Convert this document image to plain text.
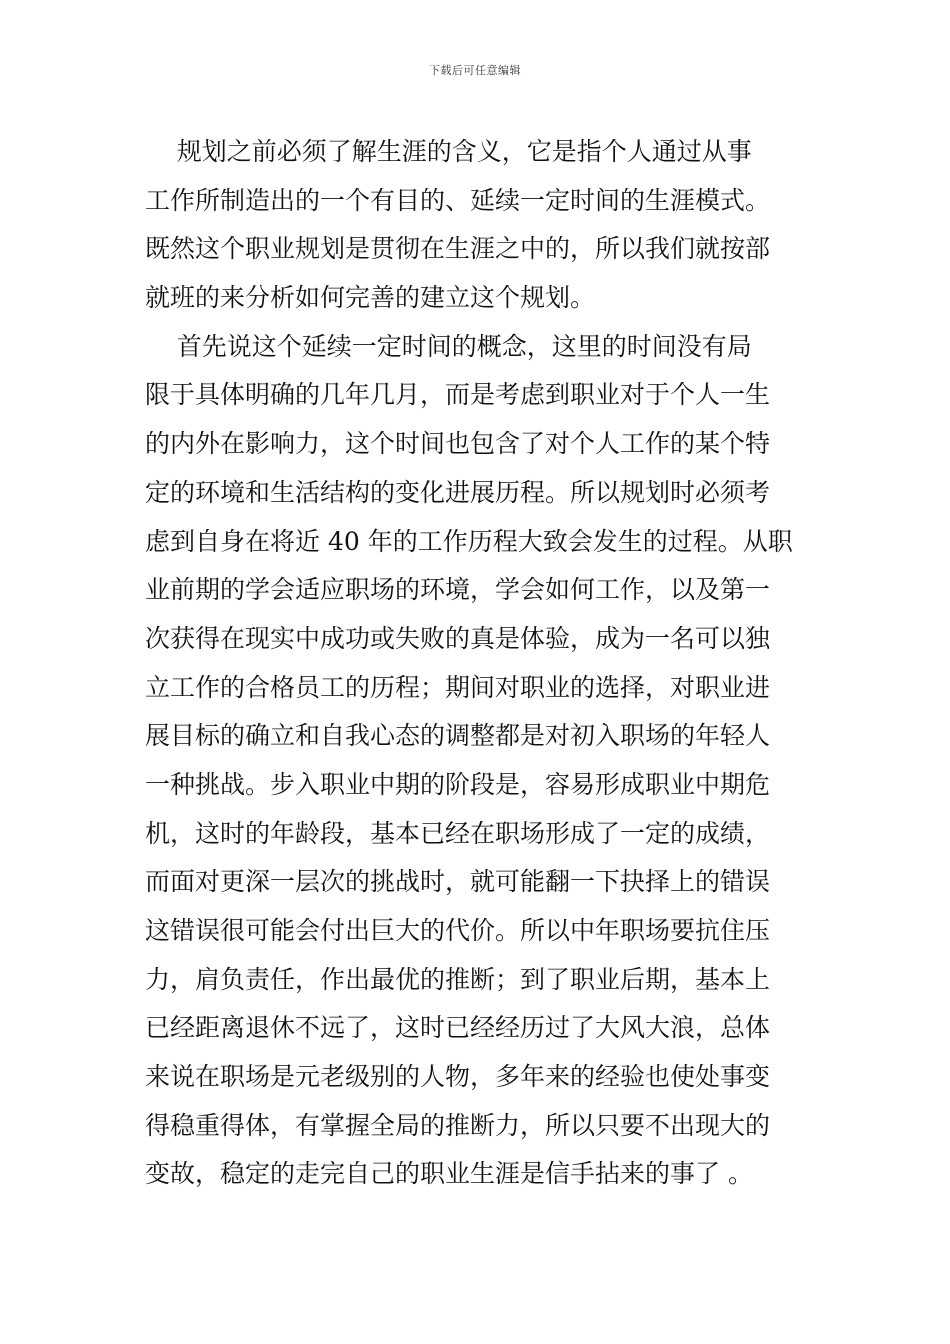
下载后可任意编辑
规划之前必须了解生涯的含义，它是指个人通过从事
工作所制造出的一个有目的、延续一定时间的生涯模式。
既然这个职业规划是贯彻在生涯之中的，所以我们就按部
就班的来分析如何完善的建立这个规划。
首先说这个延续一定时间的概念，这里的时间没有局
限于具体明确的几年几月，而是考虑到职业对于个人一生
的内外在影响力，这个时间也包含了对个人工作的某个特
定的环境和生活结构的变化进展历程。所以规划时必须考
虑到自身在将近 40 年的工作历程大致会发生的过程。从职
业前期的学会适应职场的环境，学会如何工作，以及第一
次获得在现实中成功或失败的真是体验，成为一名可以独
立工作的合格员工的历程；期间对职业的选择，对职业进
展目标的确立和自我心态的调整都是对初入职场的年轻人
一种挑战。步入职业中期的阶段是，容易形成职业中期危
机，这时的年龄段，基本已经在职场形成了一定的成绩，
而面对更深一层次的挑战时，就可能翻一下抉择上的错误
这错误很可能会付出巨大的代价。所以中年职场要抗住压
力，肩负责任，作出最优的推断；到了职业后期，基本上
已经距离退休不远了，这时已经经历过了大风大浪，总体
来说在职场是元老级别的人物，多年来的经验也使处事变
得稳重得体，有掌握全局的推断力，所以只要不出现大的
变故，稳定的走完自己的职业生涯是信手拈来的事了 。
